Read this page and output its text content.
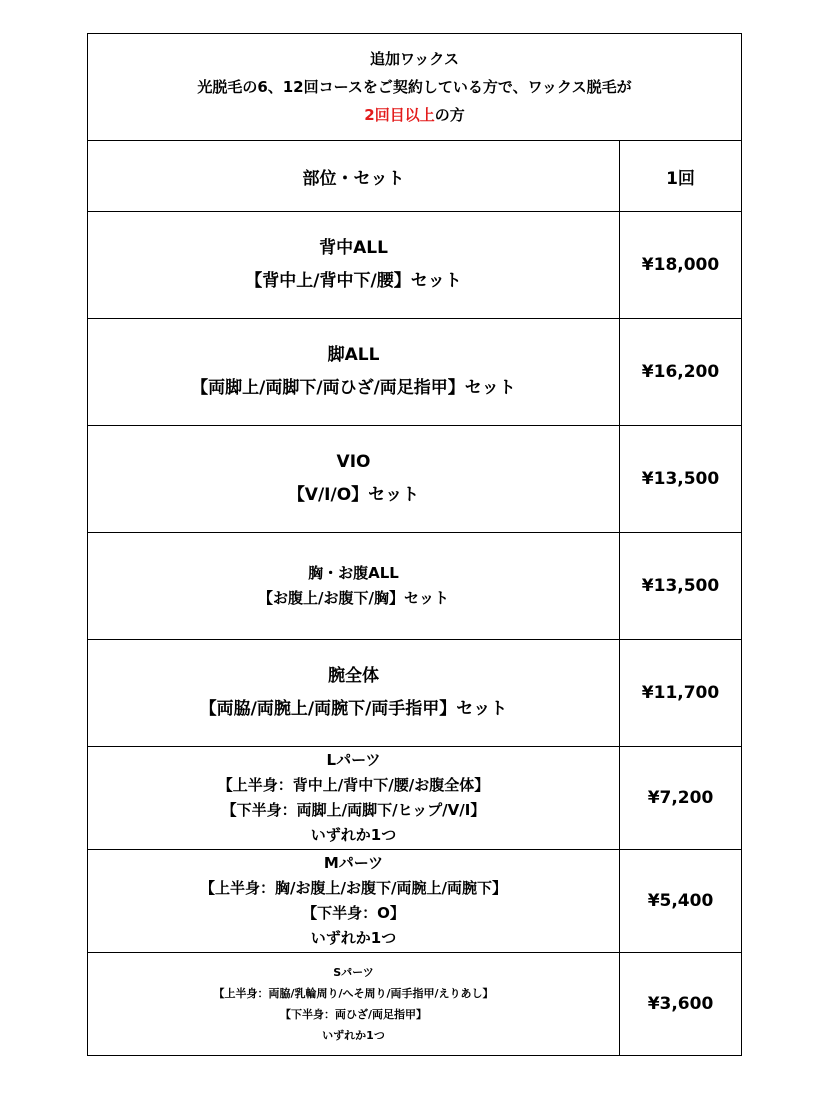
追加ワックス
光脱毛の6、12回コースをご契約している方で、ワックス脱毛が
2回目以上の方	

部位・セット	1回

背中ALL
【背中上/背中下/腰】セット	¥18,000

脚ALL
【両脚上/両脚下/両ひざ/両足指甲】セット	¥16,200

VIO
【V/I/O】セット	¥13,500

胸・お腹ALL
【お腹上/お腹下/胸】セット	¥13,500

腕全体
【両脇/両腕上/両腕下/両手指甲】セット	¥11,700

Lパーツ
【上半身：背中上/背中下/腰/お腹全体】
【下半身：両脚上/両脚下/ヒップ/V/I】
いずれか1つ	¥7,200

Mパーツ
【上半身：胸/お腹上/お腹下/両腕上/両腕下】
【下半身：O】
いずれか1つ	¥5,400

Sパーツ
【上半身：両脇/乳輪周り/へそ周り/両手指甲/えりあし】
【下半身：両ひざ/両足指甲】
いずれか1つ	¥3,600
